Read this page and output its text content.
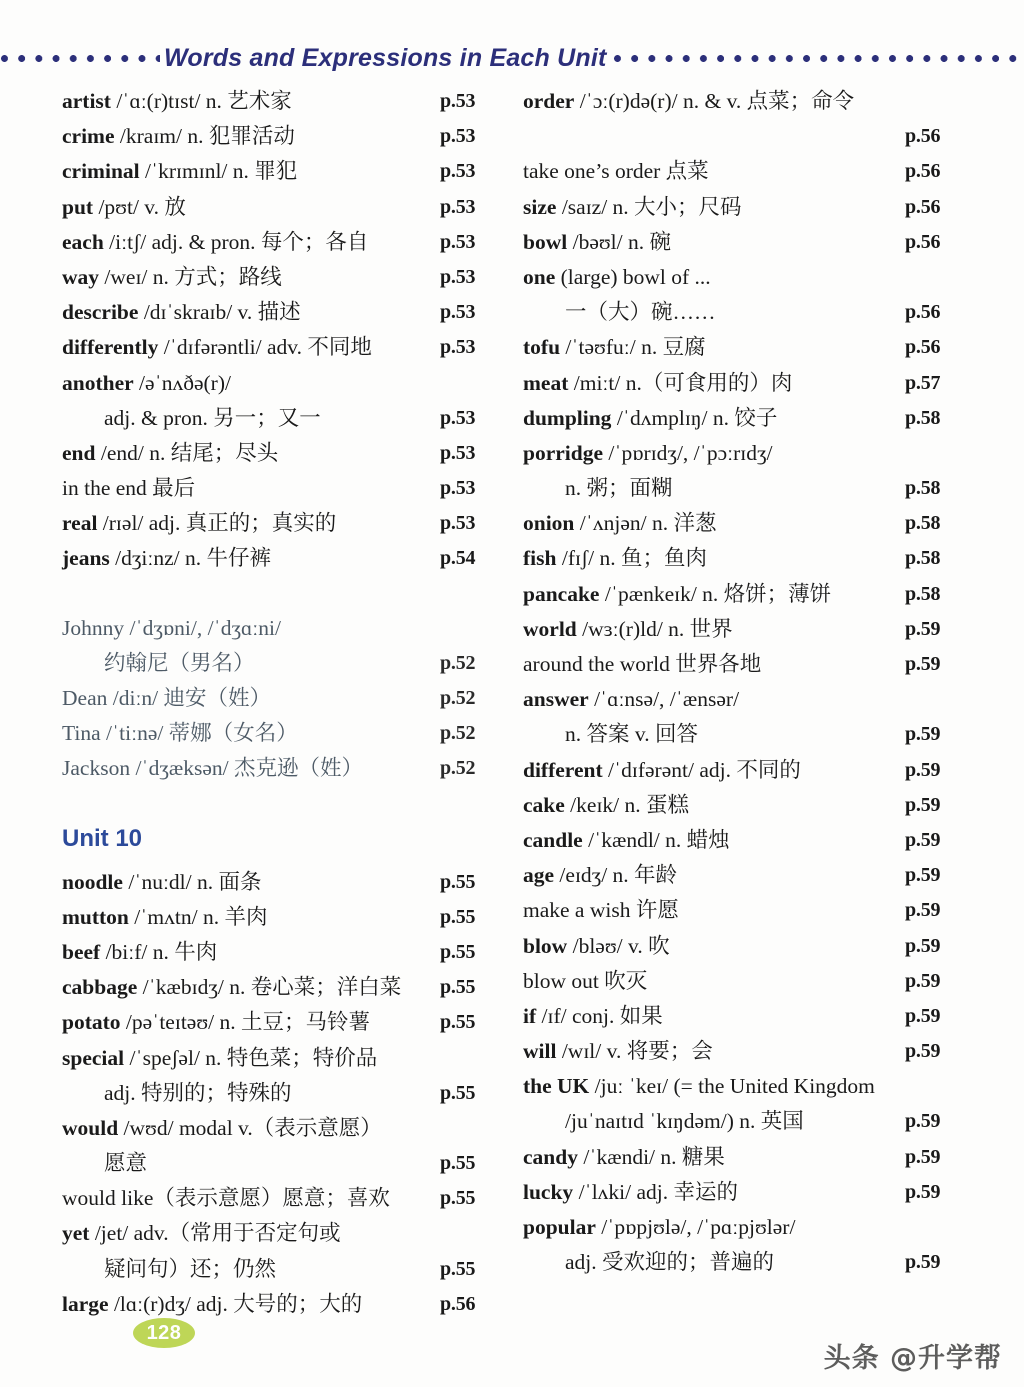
Words and Expressions in Each Unit
artist /ˈɑː(r)tɪst/ n. 艺术家	p.53
crime /kraɪm/ n. 犯罪活动	p.53
criminal /ˈkrɪmɪnl/ n. 罪犯	p.53
put /pʊt/ v. 放	p.53
each /iːtʃ/ adj. & pron. 每个；各自	p.53
way /weɪ/ n. 方式；路线	p.53
describe /dɪˈskraɪb/ v. 描述	p.53
differently /ˈdɪfərəntli/ adv. 不同地	p.53
another /əˈnʌðə(r)/
adj. & pron. 另一；又一	p.53
end /end/ n. 结尾；尽头	p.53
in the end 最后	p.53
real /rɪəl/ adj. 真正的；真实的	p.53
jeans /dʒiːnz/ n. 牛仔裤	p.54
Johnny /ˈdʒɒni/, /ˈdʒɑːni/
约翰尼（男名）	p.52
Dean /diːn/ 迪安（姓）	p.52
Tina /ˈtiːnə/ 蒂娜（女名）	p.52
Jackson /ˈdʒæksən/ 杰克逊（姓）	p.52
Unit 10
noodle /ˈnuːdl/ n. 面条	p.55
mutton /ˈmʌtn/ n. 羊肉	p.55
beef /biːf/ n. 牛肉	p.55
cabbage /ˈkæbɪdʒ/ n. 卷心菜；洋白菜 p.55
potato /pəˈteɪtəʊ/ n. 土豆；马铃薯	p.55
special /ˈspeʃəl/ n. 特色菜；特价品
adj. 特别的；特殊的	p.55
would /wʊd/ modal v.（表示意愿）
愿意	p.55
would like（表示意愿）愿意；喜欢	p.55
yet /jet/ adv.（常用于否定句或
疑问句）还；仍然	p.55
large /lɑː(r)dʒ/ adj. 大号的；大的	p.56
order /ˈɔː(r)də(r)/ n. & v. 点菜；命令
p.56
take one’s order 点菜	p.56
size /saɪz/ n. 大小；尺码	p.56
bowl /bəʊl/ n. 碗	p.56
one (large) bowl of ...
一（大）碗……	p.56
tofu /ˈtəʊfuː/ n. 豆腐	p.56
meat /miːt/ n.（可食用的）肉	p.57
dumpling /ˈdʌmplɪŋ/ n. 饺子	p.58
porridge /ˈpɒrɪdʒ/, /ˈpɔːrɪdʒ/
n. 粥；面糊	p.58
onion /ˈʌnjən/ n. 洋葱	p.58
fish /fɪʃ/ n. 鱼；鱼肉	p.58
pancake /ˈpænkeɪk/ n. 烙饼；薄饼	p.58
world /wɜː(r)ld/ n. 世界	p.59
around the world 世界各地	p.59
answer /ˈɑːnsə/, /ˈænsər/
n. 答案 v. 回答	p.59
different /ˈdɪfərənt/ adj. 不同的	p.59
cake /keɪk/ n. 蛋糕	p.59
candle /ˈkændl/ n. 蜡烛	p.59
age /eɪdʒ/ n. 年龄	p.59
make a wish 许愿	p.59
blow /bləʊ/ v. 吹	p.59
blow out 吹灭	p.59
if /ɪf/ conj. 如果	p.59
will /wɪl/ v. 将要；会	p.59
the UK /juː ˈkeɪ/ (= the United Kingdom
/juˈnaɪtɪd ˈkɪŋdəm/) n. 英国	p.59
candy /ˈkændi/ n. 糖果	p.59
lucky /ˈlʌki/ adj. 幸运的	p.59
popular /ˈpɒpjʊlə/, /ˈpɑːpjʊlər/
adj. 受欢迎的；普遍的	p.59
128
头条 @升学帮
